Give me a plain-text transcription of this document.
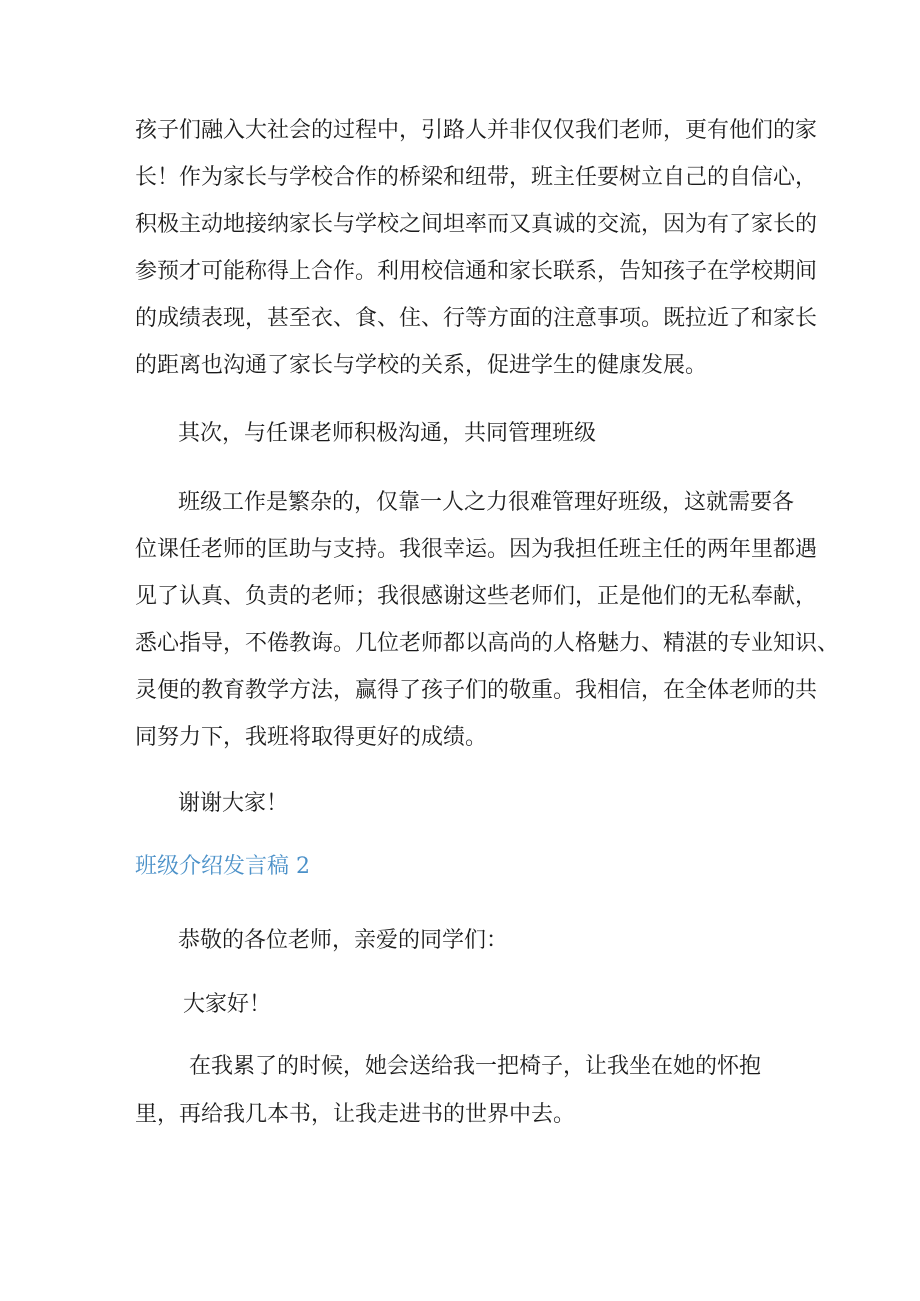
孩子们融入大社会的过程中，引路人并非仅仅我们老师，更有他们的家

长！作为家长与学校合作的桥梁和纽带，班主任要树立自己的自信心，

积极主动地接纳家长与学校之间坦率而又真诚的交流，因为有了家长的

参预才可能称得上合作。利用校信通和家长联系，告知孩子在学校期间

的成绩表现，甚至衣、食、住、行等方面的注意事项。既拉近了和家长

的距离也沟通了家长与学校的关系，促进学生的健康发展。

其次，与任课老师积极沟通，共同管理班级

班级工作是繁杂的，仅靠一人之力很难管理好班级，这就需要各

位课任老师的匡助与支持。我很幸运。因为我担任班主任的两年里都遇

见了认真、负责的老师；我很感谢这些老师们，正是他们的无私奉献，

悉心指导，不倦教诲。几位老师都以高尚的人格魅力、精湛的专业知识、

灵便的教育教学方法，赢得了孩子们的敬重。我相信，在全体老师的共

同努力下，我班将取得更好的成绩。

谢谢大家！

班级介绍发言稿 2

恭敬的各位老师，亲爱的同学们：

大家好！

在我累了的时候，她会送给我一把椅子，让我坐在她的怀抱

里，再给我几本书，让我走进书的世界中去。
